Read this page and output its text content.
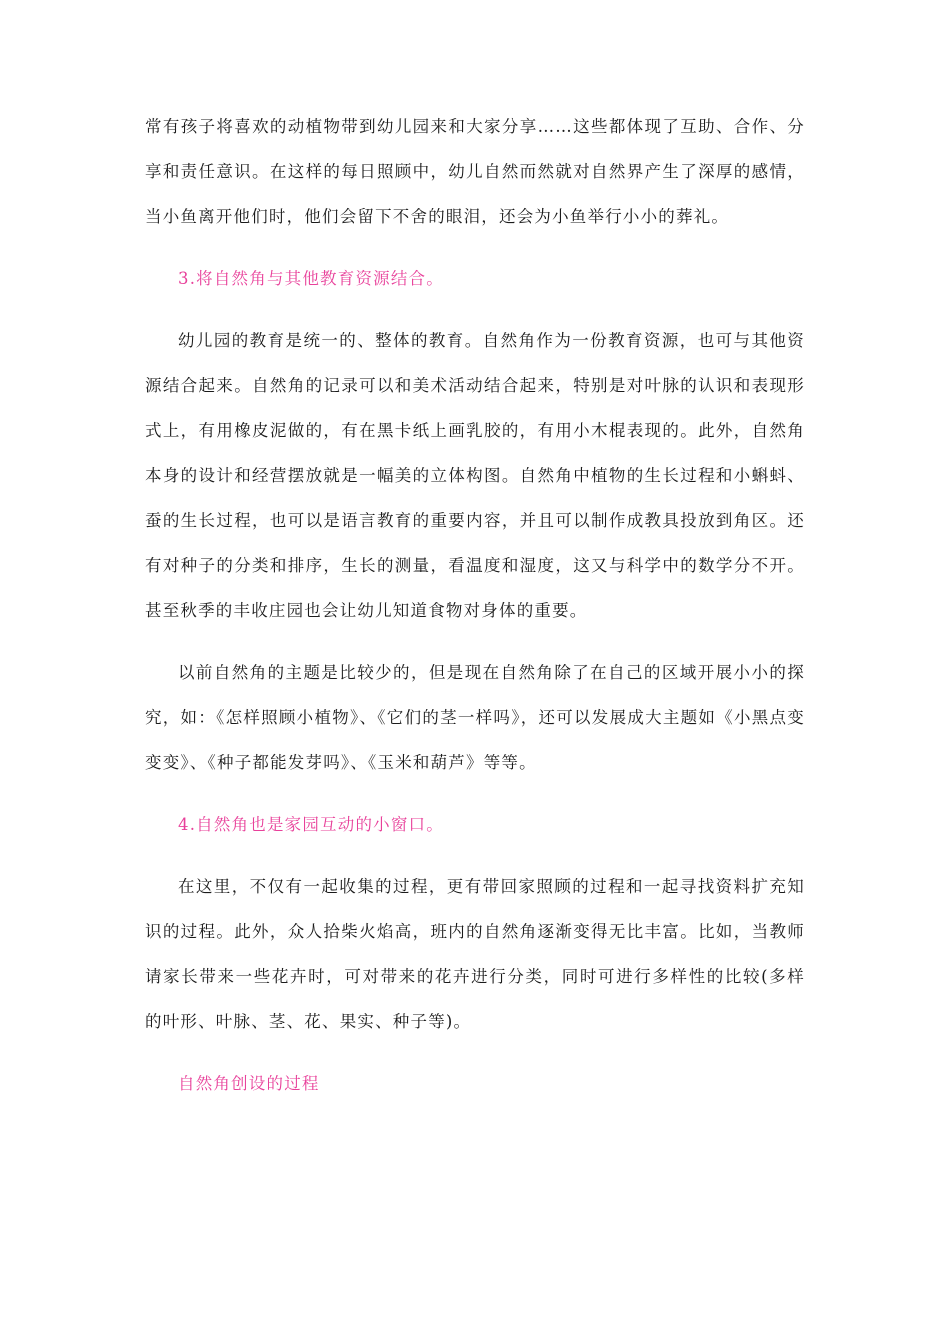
常有孩子将喜欢的动植物带到幼儿园来和大家分享……这些都体现了互助、合作、分享和责任意识。在这样的每日照顾中，幼儿自然而然就对自然界产生了深厚的感情，当小鱼离开他们时，他们会留下不舍的眼泪，还会为小鱼举行小小的葬礼。

3.将自然角与其他教育资源结合。

幼儿园的教育是统一的、整体的教育。自然角作为一份教育资源，也可与其他资源结合起来。自然角的记录可以和美术活动结合起来，特别是对叶脉的认识和表现形式上，有用橡皮泥做的，有在黑卡纸上画乳胶的，有用小木棍表现的。此外，自然角本身的设计和经营摆放就是一幅美的立体构图。自然角中植物的生长过程和小蝌蚪、蚕的生长过程，也可以是语言教育的重要内容，并且可以制作成教具投放到角区。还有对种子的分类和排序，生长的测量，看温度和湿度，这又与科学中的数学分不开。甚至秋季的丰收庄园也会让幼儿知道食物对身体的重要。

以前自然角的主题是比较少的，但是现在自然角除了在自己的区域开展小小的探究，如：《怎样照顾小植物》、《它们的茎一样吗》，还可以发展成大主题如《小黑点变变变》、《种子都能发芽吗》、《玉米和葫芦》等等。

4.自然角也是家园互动的小窗口。

在这里，不仅有一起收集的过程，更有带回家照顾的过程和一起寻找资料扩充知识的过程。此外，众人拾柴火焰高，班内的自然角逐渐变得无比丰富。比如，当教师请家长带来一些花卉时，可对带来的花卉进行分类，同时可进行多样性的比较(多样的叶形、叶脉、茎、花、果实、种子等)。

自然角创设的过程
